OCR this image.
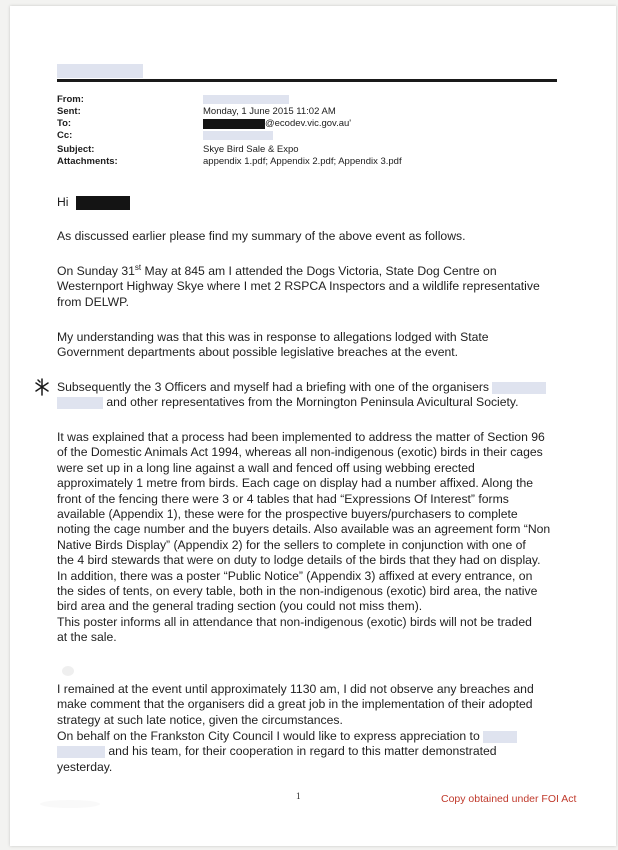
From:
Sent:
To:
Cc:
Subject:
Attachments:
Monday, 1 June 2015 11:02 AM
@ecodev.vic.gov.au'
Skye Bird Sale & Expo
appendix 1.pdf; Appendix 2.pdf; Appendix 3.pdf
Hi
As discussed earlier please find my summary of the above event as follows.
On Sunday 31st May at 845 am I attended the Dogs Victoria, State Dog Centre on
Westernport Highway Skye where I met 2 RSPCA Inspectors and a wildlife representative
from DELWP.
My understanding was that this was in response to allegations lodged with State
Government departments about possible legislative breaches at the event.
Subsequently the 3 Officers and myself had a briefing with one of the organisers
and other representatives from the Mornington Peninsula Avicultural Society.
It was explained that a process had been implemented to address the matter of Section 96
of the Domestic Animals Act 1994, whereas all non-indigenous (exotic) birds in their cages
were set up in a long line against a wall and fenced off using webbing erected
approximately 1 metre from birds. Each cage on display had a number affixed. Along the
front of the fencing there were 3 or 4 tables that had “Expressions Of Interest” forms
available (Appendix 1), these were for the prospective buyers/purchasers to complete
noting the cage number and the buyers details. Also available was an agreement form “Non
Native Birds Display” (Appendix 2) for the sellers to complete in conjunction with one of
the 4 bird stewards that were on duty to lodge details of the birds that they had on display.
In addition, there was a poster “Public Notice” (Appendix 3) affixed at every entrance, on
the sides of tents, on every table, both in the non-indigenous (exotic) bird area, the native
bird area and the general trading section (you could not miss them).
This poster informs all in attendance that non-indigenous (exotic) birds will not be traded
at the sale.
I remained at the event until approximately 1130 am, I did not observe any breaches and
make comment that the organisers did a great job in the implementation of their adopted
strategy at such late notice, given the circumstances.
On behalf on the Frankston City Council I would like to express appreciation to
and his team, for their cooperation in regard to this matter demonstrated
yesterday.
1	Copy obtained under FOI Act
